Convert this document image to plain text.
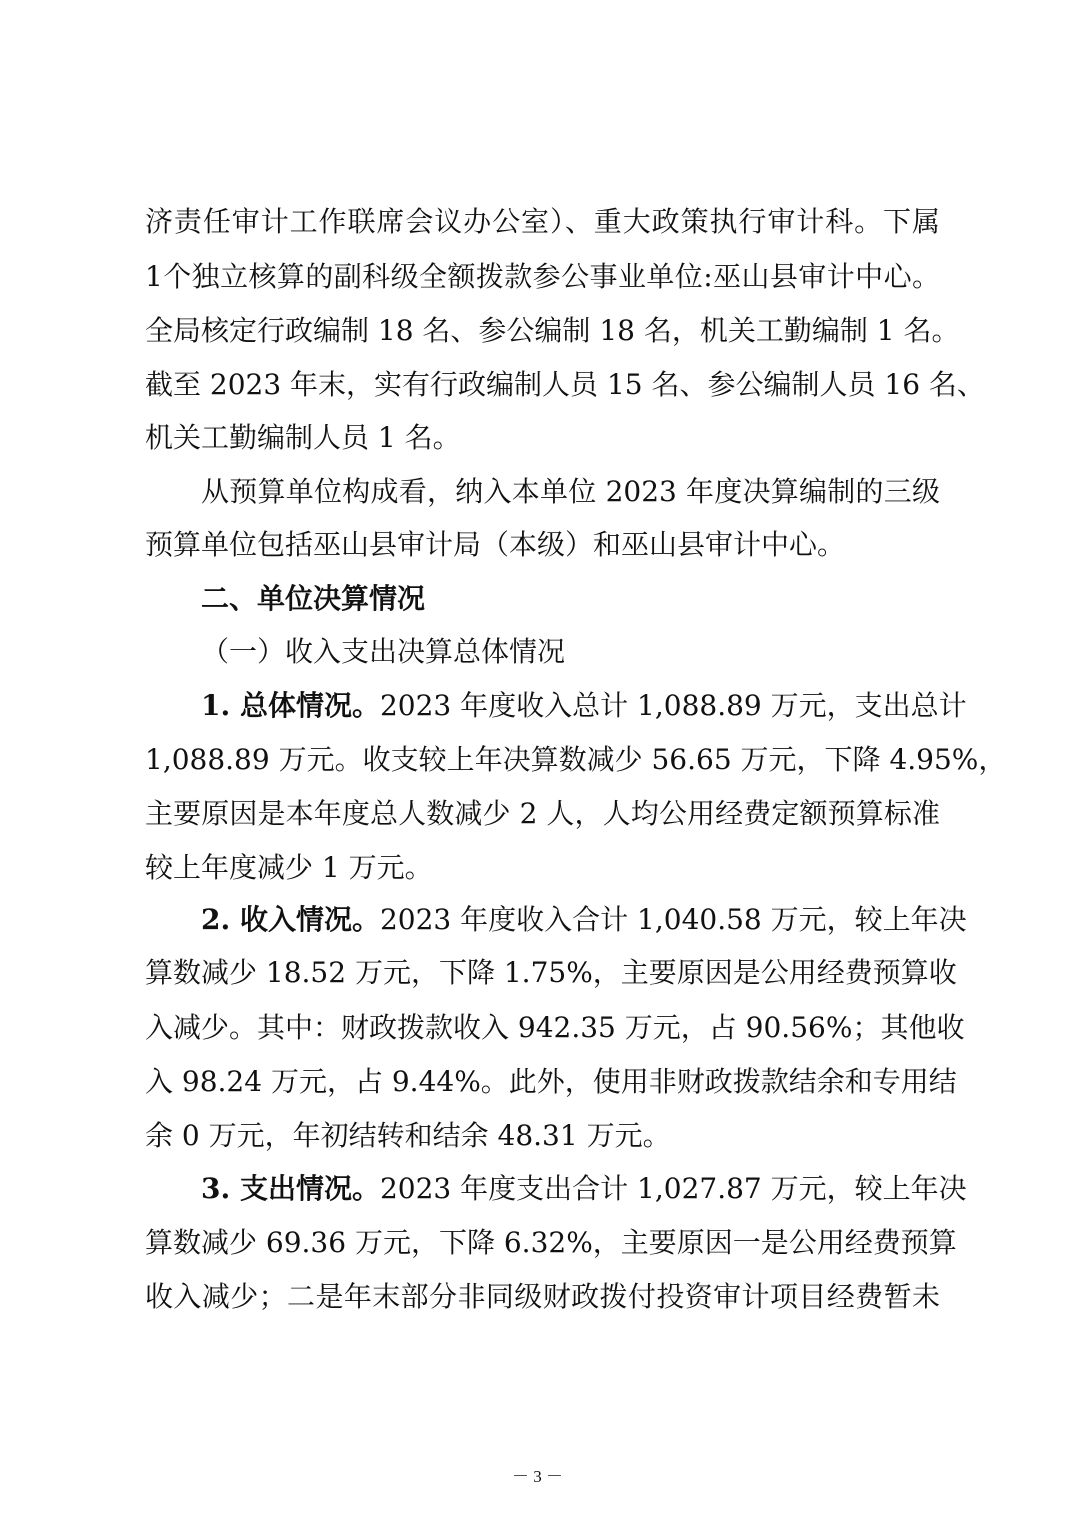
济责任审计工作联席会议办公室）、重大政策执行审计科。下属
1个独立核算的副科级全额拨款参公事业单位:巫山县审计中心。
全局核定行政编制 18 名、参公编制 18 名，机关工勤编制 1 名。
截至 2023 年末，实有行政编制人员 15 名、参公编制人员 16 名、
机关工勤编制人员 1 名。
从预算单位构成看，纳入本单位 2023 年度决算编制的三级
预算单位包括巫山县审计局（本级）和巫山县审计中心。
二、单位决算情况
（一）收入支出决算总体情况
1. 总体情况。2023 年度收入总计 1,088.89 万元，支出总计
1,088.89 万元。收支较上年决算数减少 56.65 万元，下降 4.95%，
主要原因是本年度总人数减少 2 人，人均公用经费定额预算标准
较上年度减少 1 万元。
2. 收入情况。2023 年度收入合计 1,040.58 万元，较上年决
算数减少 18.52 万元，下降 1.75%，主要原因是公用经费预算收
入减少。其中：财政拨款收入 942.35 万元，占 90.56%；其他收
入 98.24 万元，占 9.44%。此外，使用非财政拨款结余和专用结
余 0 万元，年初结转和结余 48.31 万元。
3. 支出情况。2023 年度支出合计 1,027.87 万元，较上年决
算数减少 69.36 万元，下降 6.32%，主要原因一是公用经费预算
收入减少；二是年末部分非同级财政拨付投资审计项目经费暂未
－ 3 －
